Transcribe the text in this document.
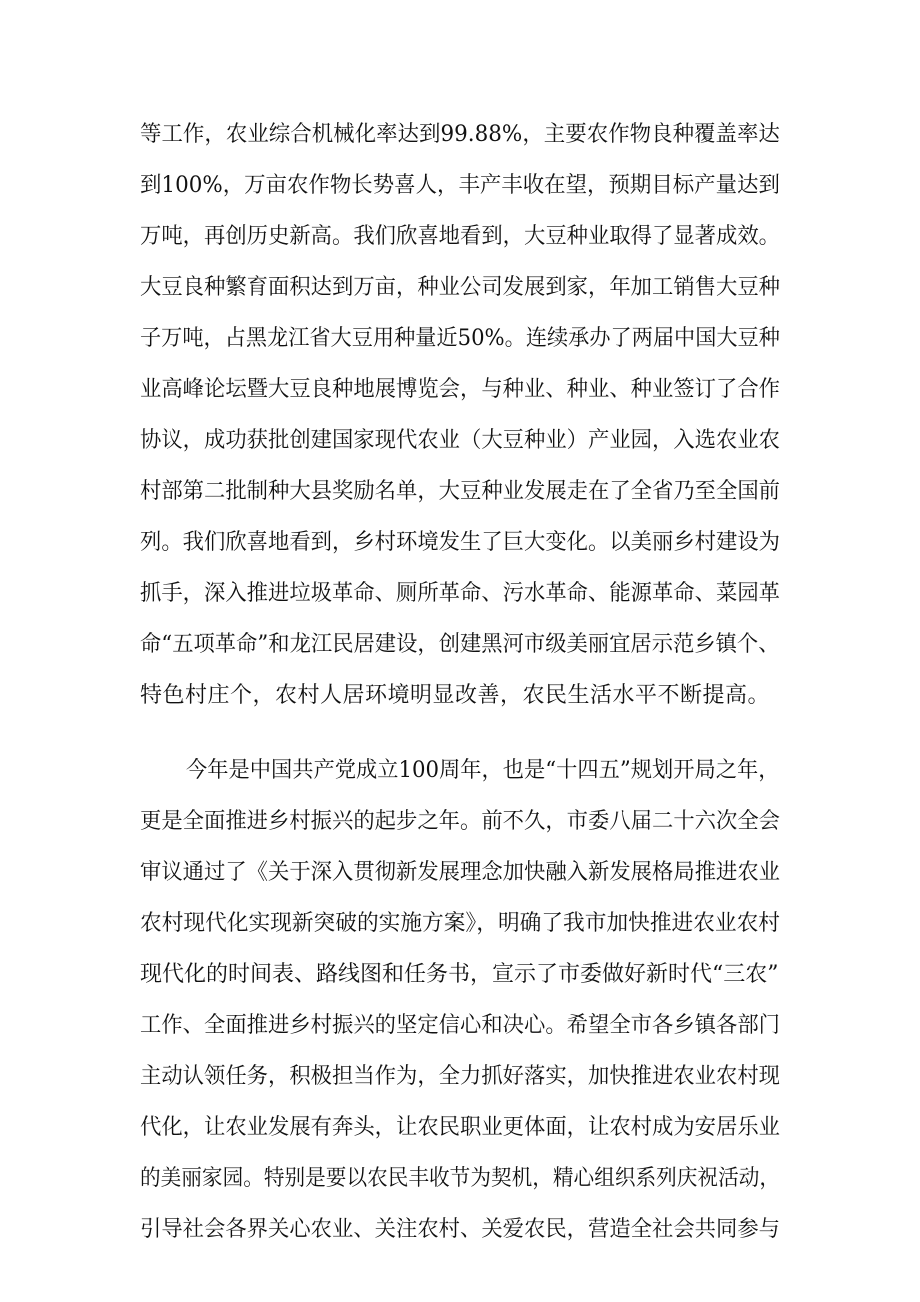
等工作，农业综合机械化率达到99.88%，主要农作物良种覆盖率达
到100%，万亩农作物长势喜人，丰产丰收在望，预期目标产量达到
万吨，再创历史新高。我们欣喜地看到，大豆种业取得了显著成效。
大豆良种繁育面积达到万亩，种业公司发展到家，年加工销售大豆种
子万吨，占黑龙江省大豆用种量近50%。连续承办了两届中国大豆种
业高峰论坛暨大豆良种地展博览会，与种业、种业、种业签订了合作
协议，成功获批创建国家现代农业（大豆种业）产业园，入选农业农
村部第二批制种大县奖励名单，大豆种业发展走在了全省乃至全国前
列。我们欣喜地看到，乡村环境发生了巨大变化。以美丽乡村建设为
抓手，深入推进垃圾革命、厕所革命、污水革命、能源革命、菜园革
命“五项革命”和龙江民居建设，创建黑河市级美丽宜居示范乡镇个、
特色村庄个，农村人居环境明显改善，农民生活水平不断提高。
今年是中国共产党成立100周年，也是“十四五”规划开局之年，
更是全面推进乡村振兴的起步之年。前不久，市委八届二十六次全会
审议通过了《关于深入贯彻新发展理念加快融入新发展格局推进农业
农村现代化实现新突破的实施方案》，明确了我市加快推进农业农村
现代化的时间表、路线图和任务书，宣示了市委做好新时代“三农”
工作、全面推进乡村振兴的坚定信心和决心。希望全市各乡镇各部门
主动认领任务，积极担当作为，全力抓好落实，加快推进农业农村现
代化，让农业发展有奔头，让农民职业更体面，让农村成为安居乐业
的美丽家园。特别是要以农民丰收节为契机，精心组织系列庆祝活动，
引导社会各界关心农业、关注农村、关爱农民，营造全社会共同参与
